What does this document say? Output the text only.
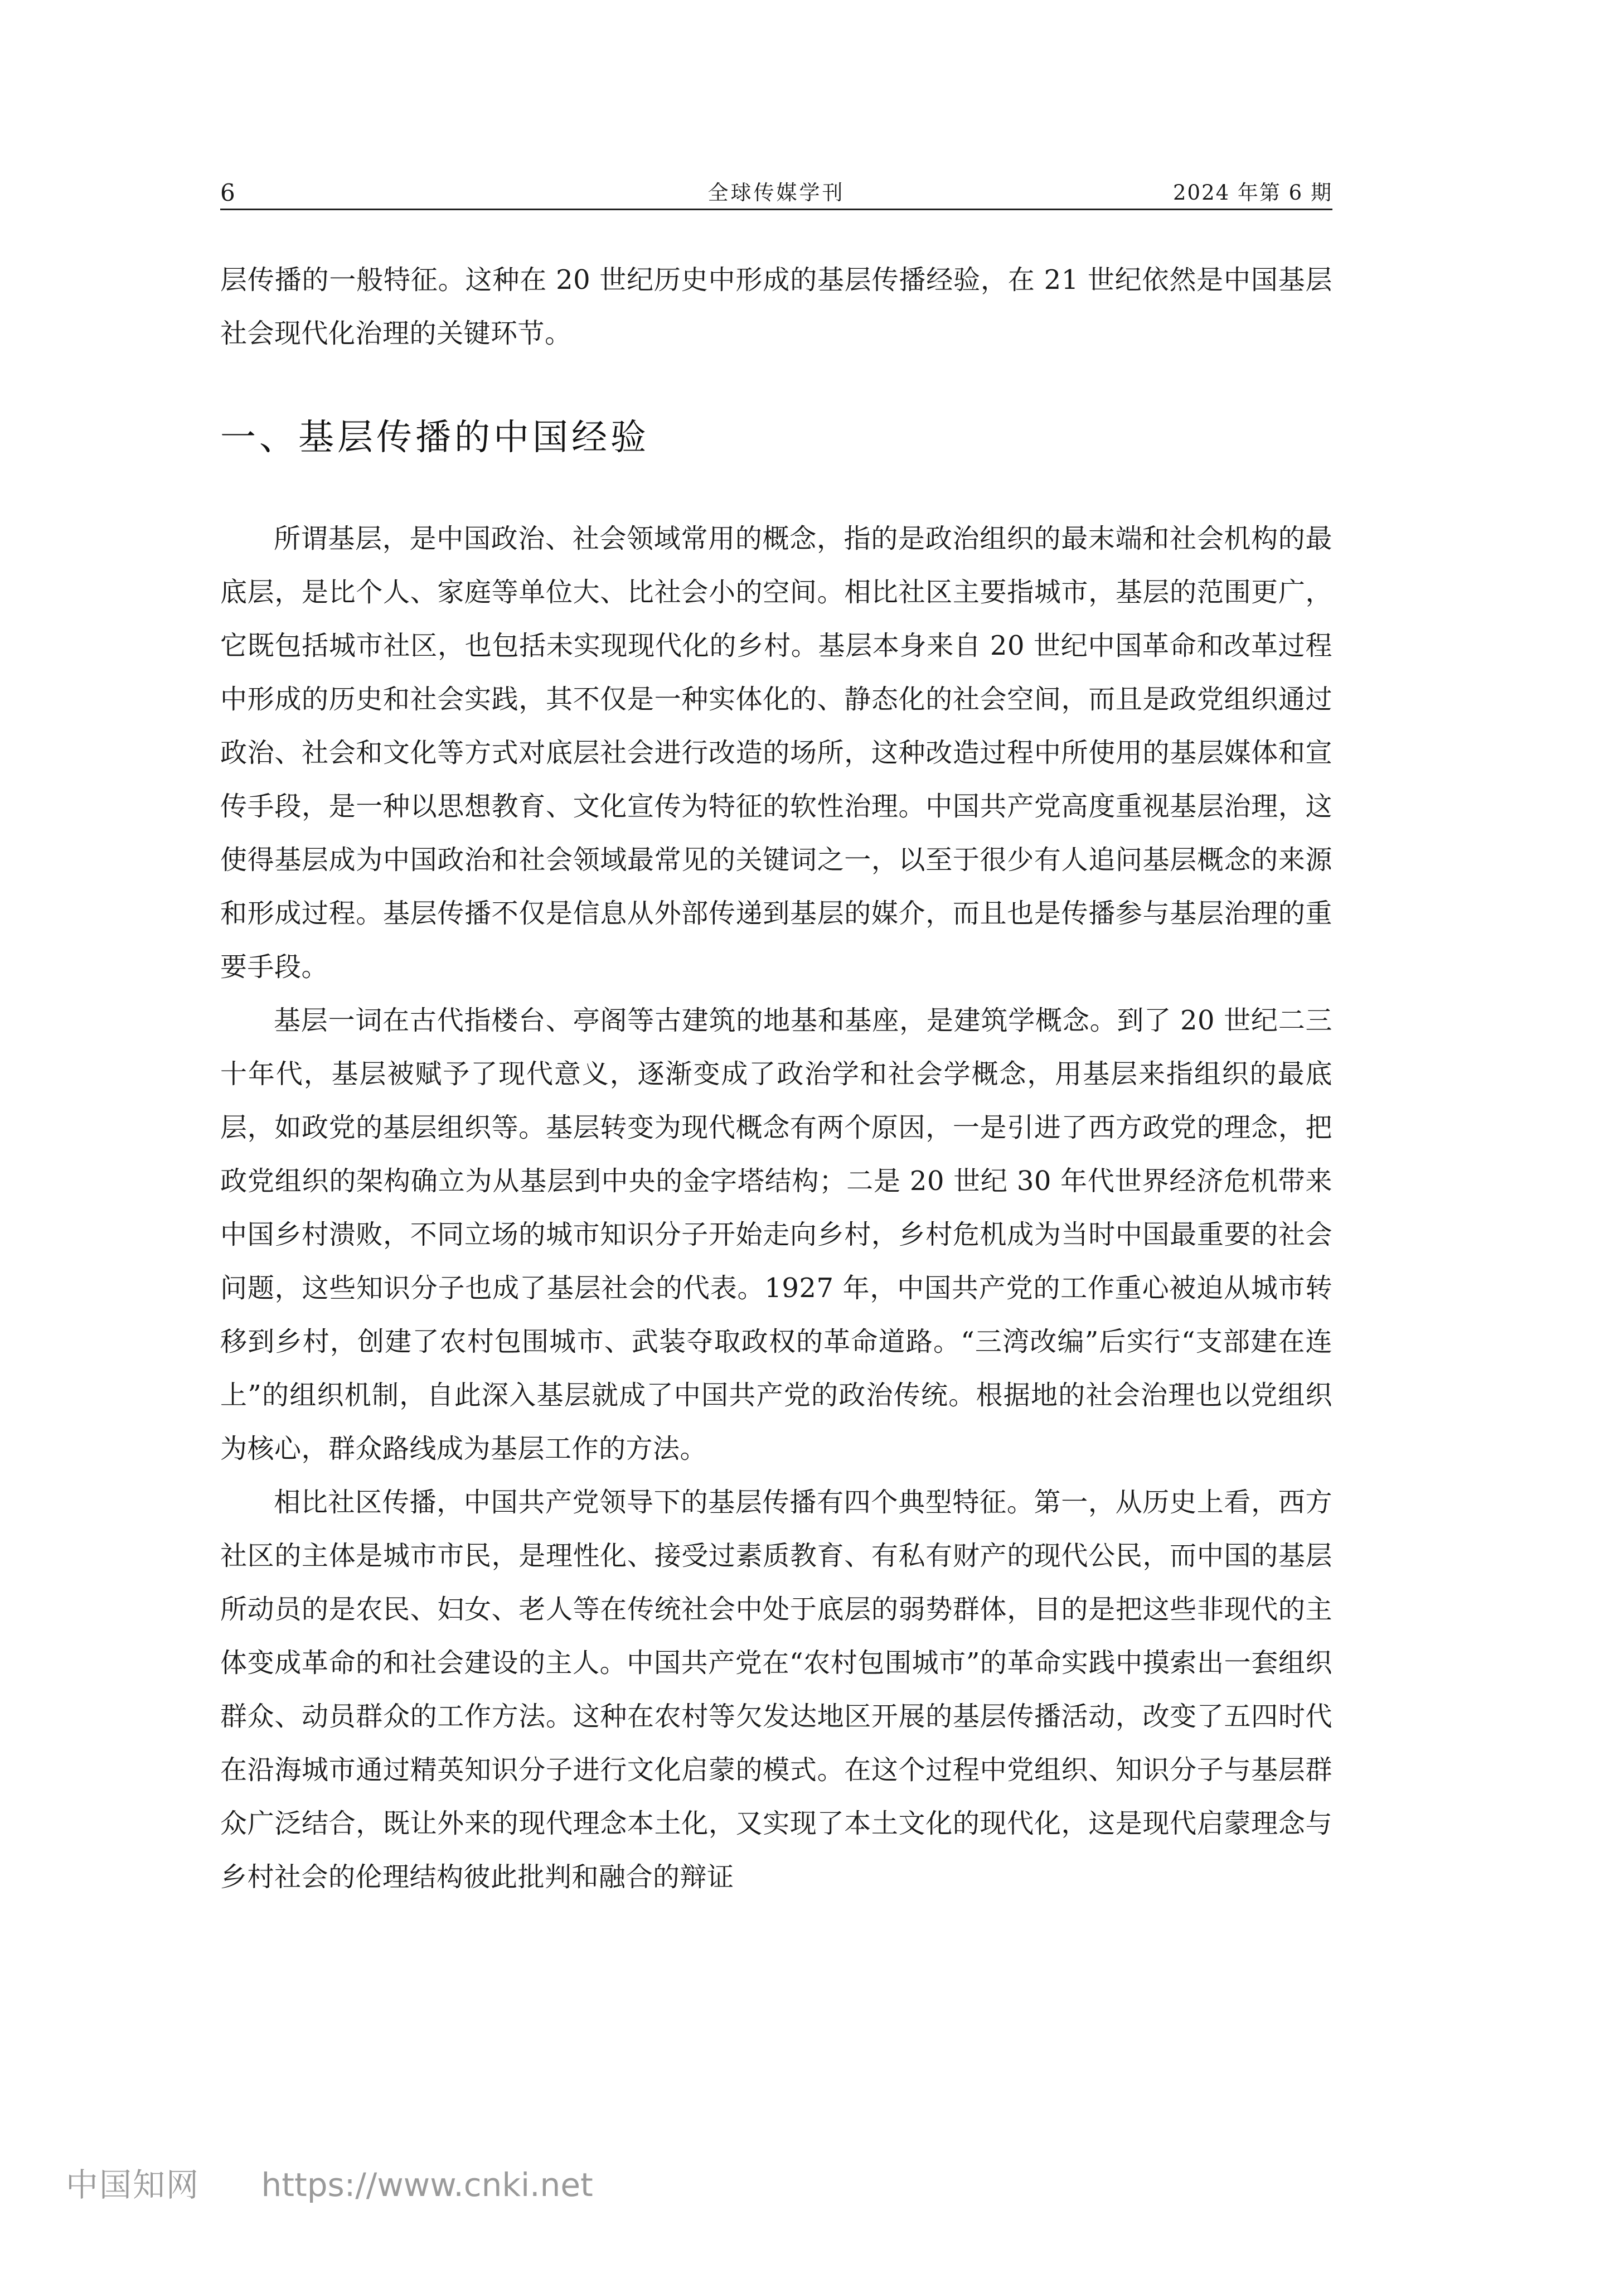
6	全球传媒学刊	2024 年第 6 期

层传播的一般特征。这种在 20 世纪历史中形成的基层传播经验，在 21 世纪依然是中国基层社会现代化治理的关键环节。

一、基层传播的中国经验

所谓基层，是中国政治、社会领域常用的概念，指的是政治组织的最末端和社会机构的最底层，是比个人、家庭等单位大、比社会小的空间。相比社区主要指城市，基层的范围更广，它既包括城市社区，也包括未实现现代化的乡村。基层本身来自 20 世纪中国革命和改革过程中形成的历史和社会实践，其不仅是一种实体化的、静态化的社会空间，而且是政党组织通过政治、社会和文化等方式对底层社会进行改造的场所，这种改造过程中所使用的基层媒体和宣传手段，是一种以思想教育、文化宣传为特征的软性治理。中国共产党高度重视基层治理，这使得基层成为中国政治和社会领域最常见的关键词之一，以至于很少有人追问基层概念的来源和形成过程。基层传播不仅是信息从外部传递到基层的媒介，而且也是传播参与基层治理的重要手段。

基层一词在古代指楼台、亭阁等古建筑的地基和基座，是建筑学概念。到了 20 世纪二三十年代，基层被赋予了现代意义，逐渐变成了政治学和社会学概念，用基层来指组织的最底层，如政党的基层组织等。基层转变为现代概念有两个原因，一是引进了西方政党的理念，把政党组织的架构确立为从基层到中央的金字塔结构；二是 20 世纪 30 年代世界经济危机带来中国乡村溃败，不同立场的城市知识分子开始走向乡村，乡村危机成为当时中国最重要的社会问题，这些知识分子也成了基层社会的代表。1927 年，中国共产党的工作重心被迫从城市转移到乡村，创建了农村包围城市、武装夺取政权的革命道路。“三湾改编”后实行“支部建在连上”的组织机制，自此深入基层就成了中国共产党的政治传统。根据地的社会治理也以党组织为核心，群众路线成为基层工作的方法。

相比社区传播，中国共产党领导下的基层传播有四个典型特征。第一，从历史上看，西方社区的主体是城市市民，是理性化、接受过素质教育、有私有财产的现代公民，而中国的基层所动员的是农民、妇女、老人等在传统社会中处于底层的弱势群体，目的是把这些非现代的主体变成革命的和社会建设的主人。中国共产党在“农村包围城市”的革命实践中摸索出一套组织群众、动员群众的工作方法。这种在农村等欠发达地区开展的基层传播活动，改变了五四时代在沿海城市通过精英知识分子进行文化启蒙的模式。在这个过程中党组织、知识分子与基层群众广泛结合，既让外来的现代理念本土化，又实现了本土文化的现代化，这是现代启蒙理念与乡村社会的伦理结构彼此批判和融合的辩证

中国知网 https://www.cnki.net
